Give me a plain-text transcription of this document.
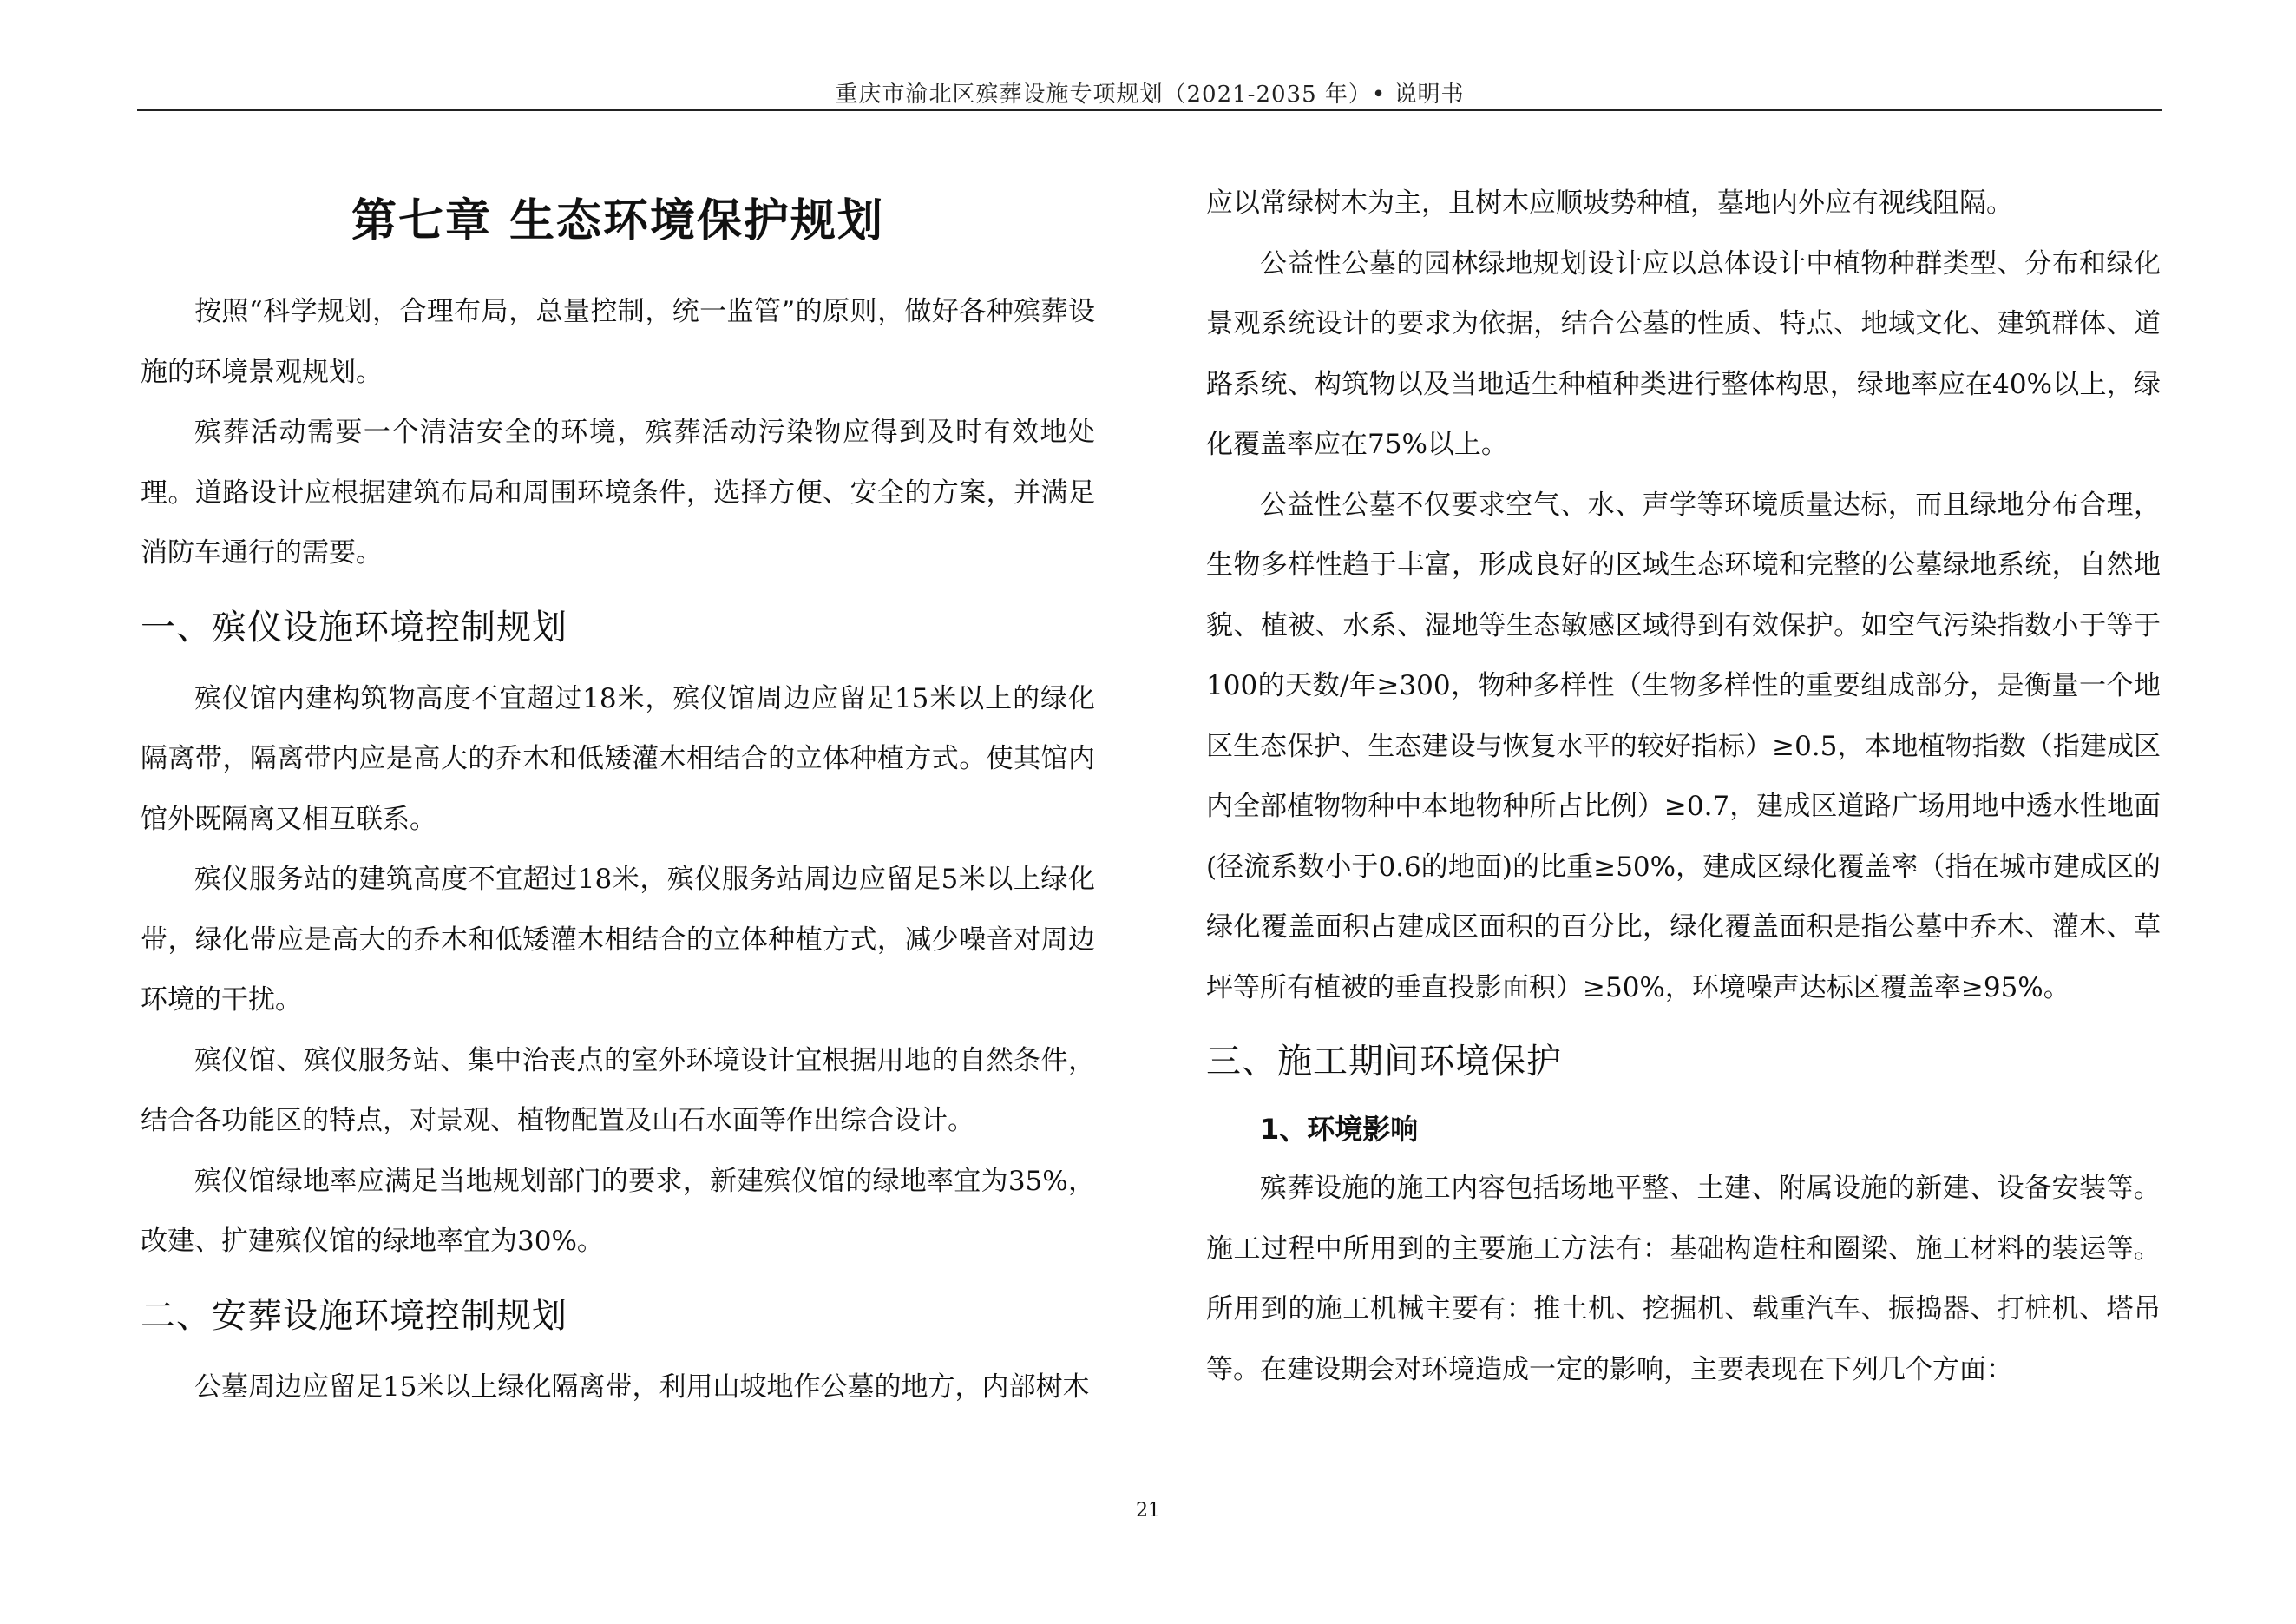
重庆市渝北区殡葬设施专项规划（2021-2035 年）• 说明书
第七章 生态环境保护规划

按照“科学规划，合理布局，总量控制，统一监管”的原则，做好各种殡葬设施的环境景观规划。

殡葬活动需要一个清洁安全的环境，殡葬活动污染物应得到及时有效地处理。道路设计应根据建筑布局和周围环境条件，选择方便、安全的方案，并满足消防车通行的需要。

一、殡仪设施环境控制规划

殡仪馆内建构筑物高度不宜超过18米，殡仪馆周边应留足15米以上的绿化隔离带，隔离带内应是高大的乔木和低矮灌木相结合的立体种植方式。使其馆内馆外既隔离又相互联系。

殡仪服务站的建筑高度不宜超过18米，殡仪服务站周边应留足5米以上绿化带，绿化带应是高大的乔木和低矮灌木相结合的立体种植方式，减少噪音对周边环境的干扰。

殡仪馆、殡仪服务站、集中治丧点的室外环境设计宜根据用地的自然条件，结合各功能区的特点，对景观、植物配置及山石水面等作出综合设计。

殡仪馆绿地率应满足当地规划部门的要求，新建殡仪馆的绿地率宜为35%，改建、扩建殡仪馆的绿地率宜为30%。

二、安葬设施环境控制规划

公墓周边应留足15米以上绿化隔离带，利用山坡地作公墓的地方，内部树木

应以常绿树木为主，且树木应顺坡势种植，墓地内外应有视线阻隔。

公益性公墓的园林绿地规划设计应以总体设计中植物种群类型、分布和绿化景观系统设计的要求为依据，结合公墓的性质、特点、地域文化、建筑群体、道路系统、构筑物以及当地适生种植种类进行整体构思，绿地率应在40%以上，绿化覆盖率应在75%以上。

公益性公墓不仅要求空气、水、声学等环境质量达标，而且绿地分布合理，生物多样性趋于丰富，形成良好的区域生态环境和完整的公墓绿地系统，自然地貌、植被、水系、湿地等生态敏感区域得到有效保护。如空气污染指数小于等于100的天数/年≥300，物种多样性（生物多样性的重要组成部分，是衡量一个地区生态保护、生态建设与恢复水平的较好指标）≥0.5，本地植物指数（指建成区内全部植物物种中本地物种所占比例）≥0.7，建成区道路广场用地中透水性地面(径流系数小于0.6的地面)的比重≥50%，建成区绿化覆盖率（指在城市建成区的绿化覆盖面积占建成区面积的百分比，绿化覆盖面积是指公墓中乔木、灌木、草坪等所有植被的垂直投影面积）≥50%，环境噪声达标区覆盖率≥95%。

三、施工期间环境保护
1、环境影响

殡葬设施的施工内容包括场地平整、土建、附属设施的新建、设备安装等。施工过程中所用到的主要施工方法有：基础构造柱和圈梁、施工材料的装运等。所用到的施工机械主要有：推土机、挖掘机、载重汽车、振捣器、打桩机、塔吊等。在建设期会对环境造成一定的影响，主要表现在下列几个方面：

21
